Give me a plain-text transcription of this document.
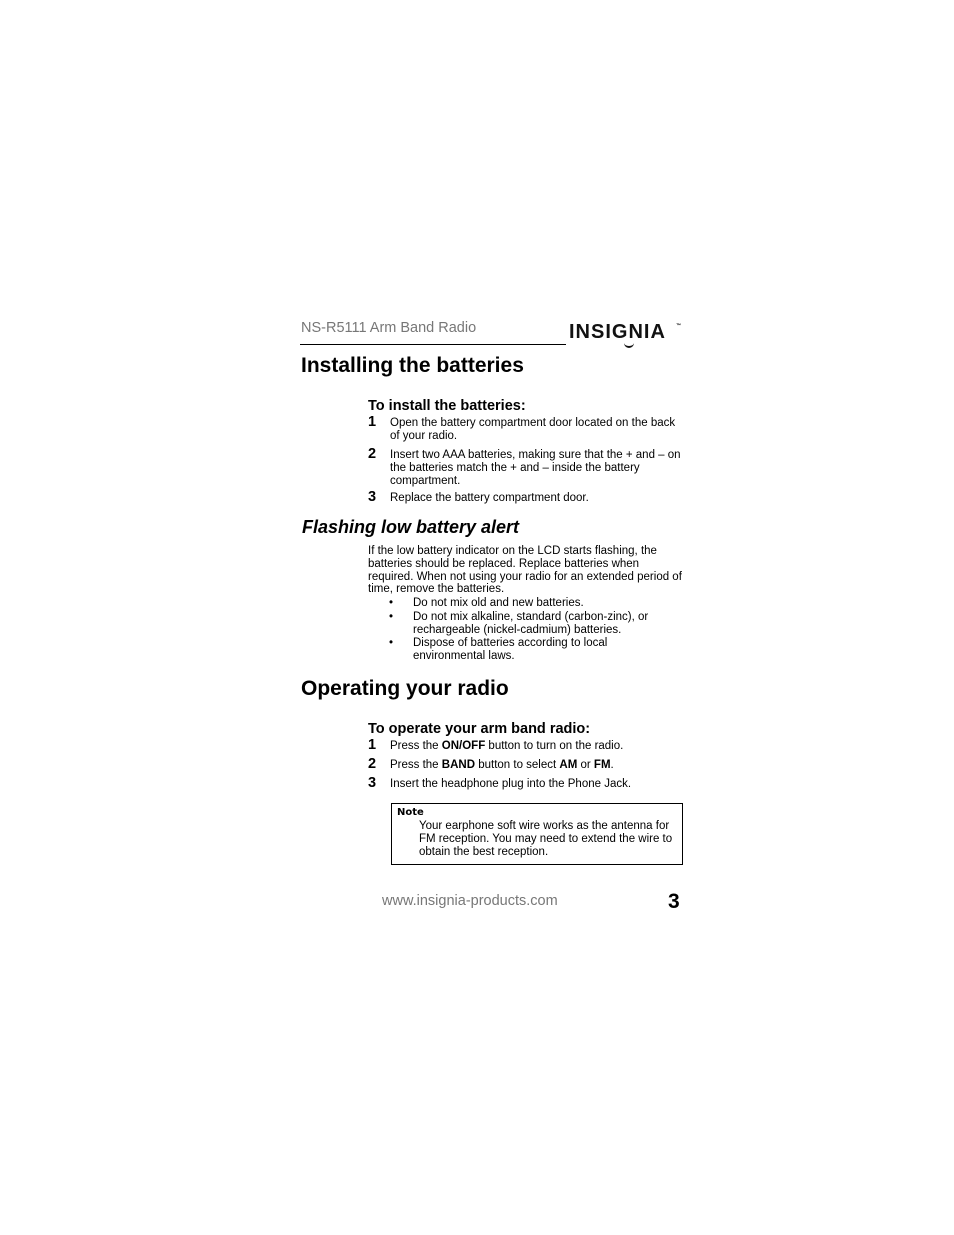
NS-R5111 Arm Band Radio	INSIGNIA ™
Installing the batteries
To install the batteries:
1 Open the battery compartment door located on the back of your radio.
2 Insert two AAA batteries, making sure that the + and – on the batteries match the + and – inside the battery compartment.
3 Replace the battery compartment door.
Flashing low battery alert
If the low battery indicator on the LCD starts flashing, the batteries should be replaced. Replace batteries when required. When not using your radio for an extended period of time, remove the batteries.
• Do not mix old and new batteries.
• Do not mix alkaline, standard (carbon-zinc), or rechargeable (nickel-cadmium) batteries.
• Dispose of batteries according to local environmental laws.
Operating your radio
To operate your arm band radio:
1 Press the ON/OFF button to turn on the radio.
2 Press the BAND button to select AM or FM.
3 Insert the headphone plug into the Phone Jack.
Note
Your earphone soft wire works as the antenna for FM reception. You may need to extend the wire to obtain the best reception.
www.insignia-products.com	3
